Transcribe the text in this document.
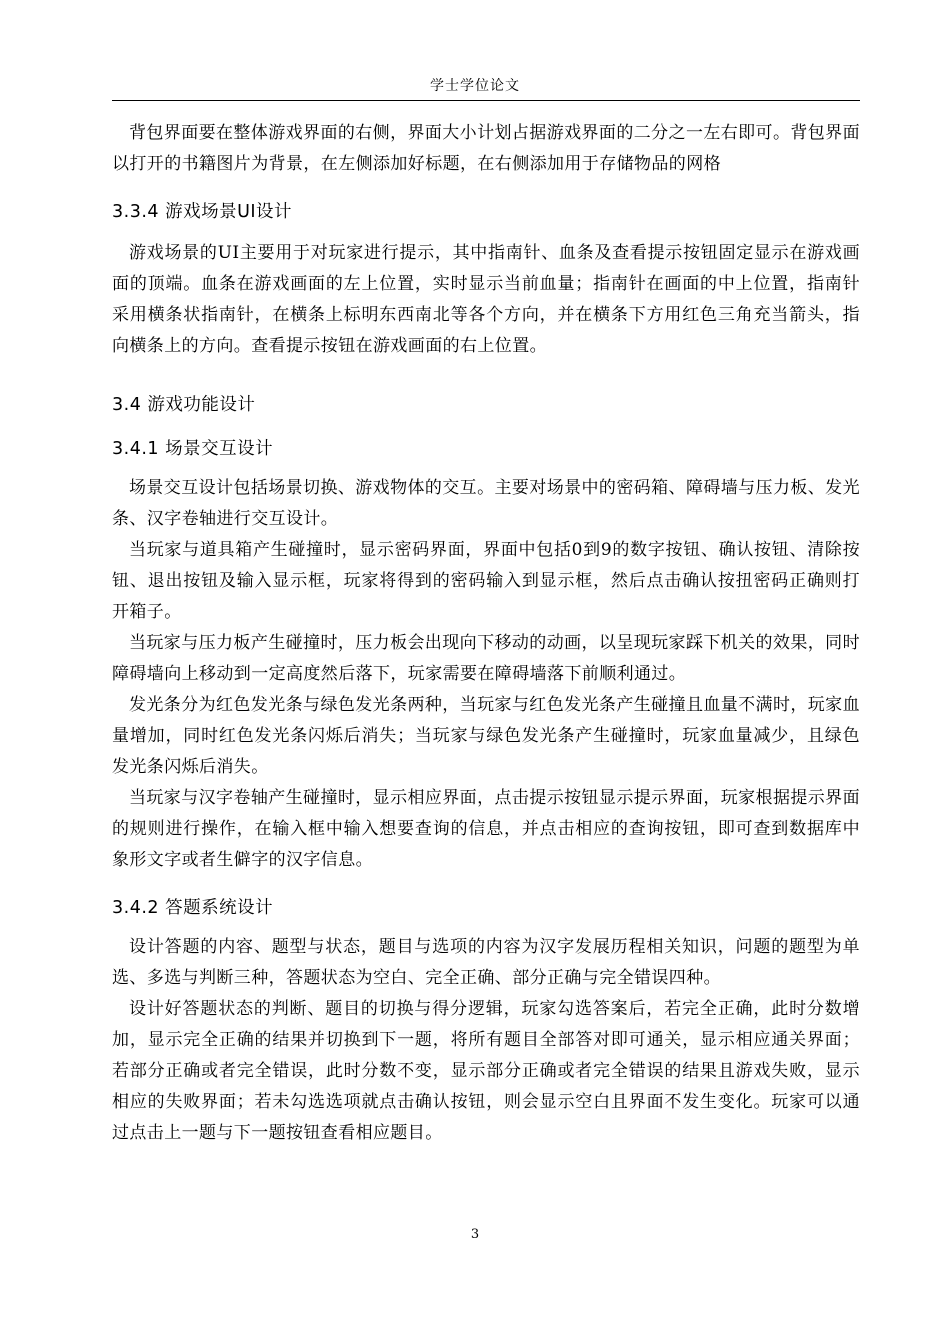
学士学位论文

背包界面要在整体游戏界面的右侧，界面大小计划占据游戏界面的二分之一左右即可。背包界面以打开的书籍图片为背景，在左侧添加好标题，在右侧添加用于存储物品的网格

3.3.4 游戏场景UI设计

游戏场景的UI主要用于对玩家进行提示，其中指南针、血条及查看提示按钮固定显示在游戏画面的顶端。血条在游戏画面的左上位置，实时显示当前血量；指南针在画面的中上位置，指南针采用横条状指南针，在横条上标明东西南北等各个方向，并在横条下方用红色三角充当箭头，指向横条上的方向。查看提示按钮在游戏画面的右上位置。

3.4 游戏功能设计
3.4.1 场景交互设计

场景交互设计包括场景切换、游戏物体的交互。主要对场景中的密码箱、障碍墙与压力板、发光条、汉字卷轴进行交互设计。

当玩家与道具箱产生碰撞时，显示密码界面，界面中包括0到9的数字按钮、确认按钮、清除按钮、退出按钮及输入显示框，玩家将得到的密码输入到显示框，然后点击确认按扭密码正确则打开箱子。

当玩家与压力板产生碰撞时，压力板会出现向下移动的动画，以呈现玩家踩下机关的效果，同时障碍墙向上移动到一定高度然后落下，玩家需要在障碍墙落下前顺利通过。

发光条分为红色发光条与绿色发光条两种，当玩家与红色发光条产生碰撞且血量不满时，玩家血量增加，同时红色发光条闪烁后消失；当玩家与绿色发光条产生碰撞时，玩家血量减少，且绿色发光条闪烁后消失。

当玩家与汉字卷轴产生碰撞时，显示相应界面，点击提示按钮显示提示界面，玩家根据提示界面的规则进行操作，在输入框中输入想要查询的信息，并点击相应的查询按钮，即可查到数据库中象形文字或者生僻字的汉字信息。

3.4.2 答题系统设计

设计答题的内容、题型与状态，题目与选项的内容为汉字发展历程相关知识，问题的题型为单选、多选与判断三种，答题状态为空白、完全正确、部分正确与完全错误四种。

设计好答题状态的判断、题目的切换与得分逻辑，玩家勾选答案后，若完全正确，此时分数增加，显示完全正确的结果并切换到下一题，将所有题目全部答对即可通关，显示相应通关界面；若部分正确或者完全错误，此时分数不变，显示部分正确或者完全错误的结果且游戏失败，显示相应的失败界面；若未勾选选项就点击确认按钮，则会显示空白且界面不发生变化。玩家可以通过点击上一题与下一题按钮查看相应题目。

3
